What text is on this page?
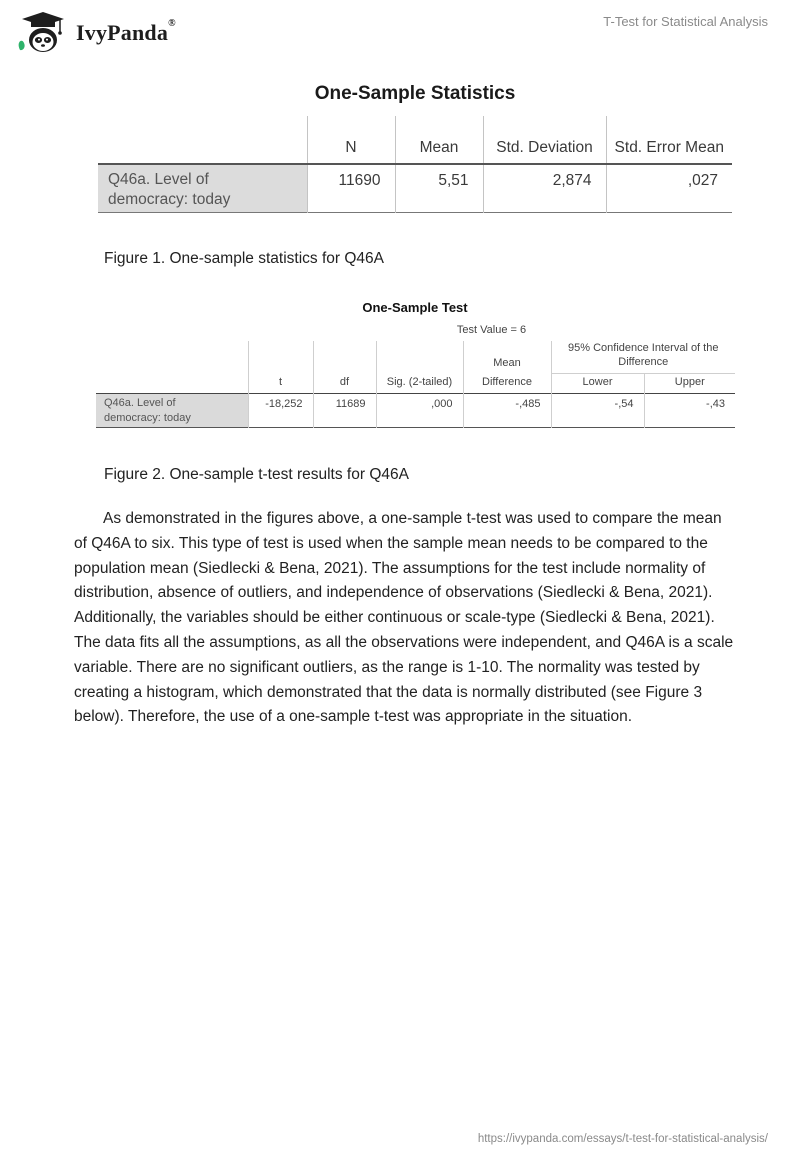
IvyPanda®	T-Test for Statistical Analysis
One-Sample Statistics
	N	Mean	Std. Deviation	Std. Error Mean
Q46a. Level of
democracy: today	11690	5,51	2,874	,027
Figure 1. One-sample statistics for Q46A
One-Sample Test
	Test Value = 6					
				Mean	95% Confidence Interval of the
Difference	
	t	df	Sig. (2-tailed)	Difference	Lower	Upper
Q46a. Level of
democracy: today	-18,252	11689	,000	-,485	-,54	-,43
Figure 2. One-sample t-test results for Q46A

As demonstrated in the figures above, a one-sample t-test was used to compare the mean of Q46A to six. This type of test is used when the sample mean needs to be compared to the population mean (Siedlecki & Bena, 2021). The assumptions for the test include normality of distribution, absence of outliers, and independence of observations (Siedlecki & Bena, 2021). Additionally, the variables should be either continuous or scale-type (Siedlecki & Bena, 2021). The data fits all the assumptions, as all the observations were independent, and Q46A is a scale variable. There are no significant outliers, as the range is 1-10. The normality was tested by creating a histogram, which demonstrated that the data is normally distributed (see Figure 3 below). Therefore, the use of a one-sample t-test was appropriate in the situation.

https://ivypanda.com/essays/t-test-for-statistical-analysis/
